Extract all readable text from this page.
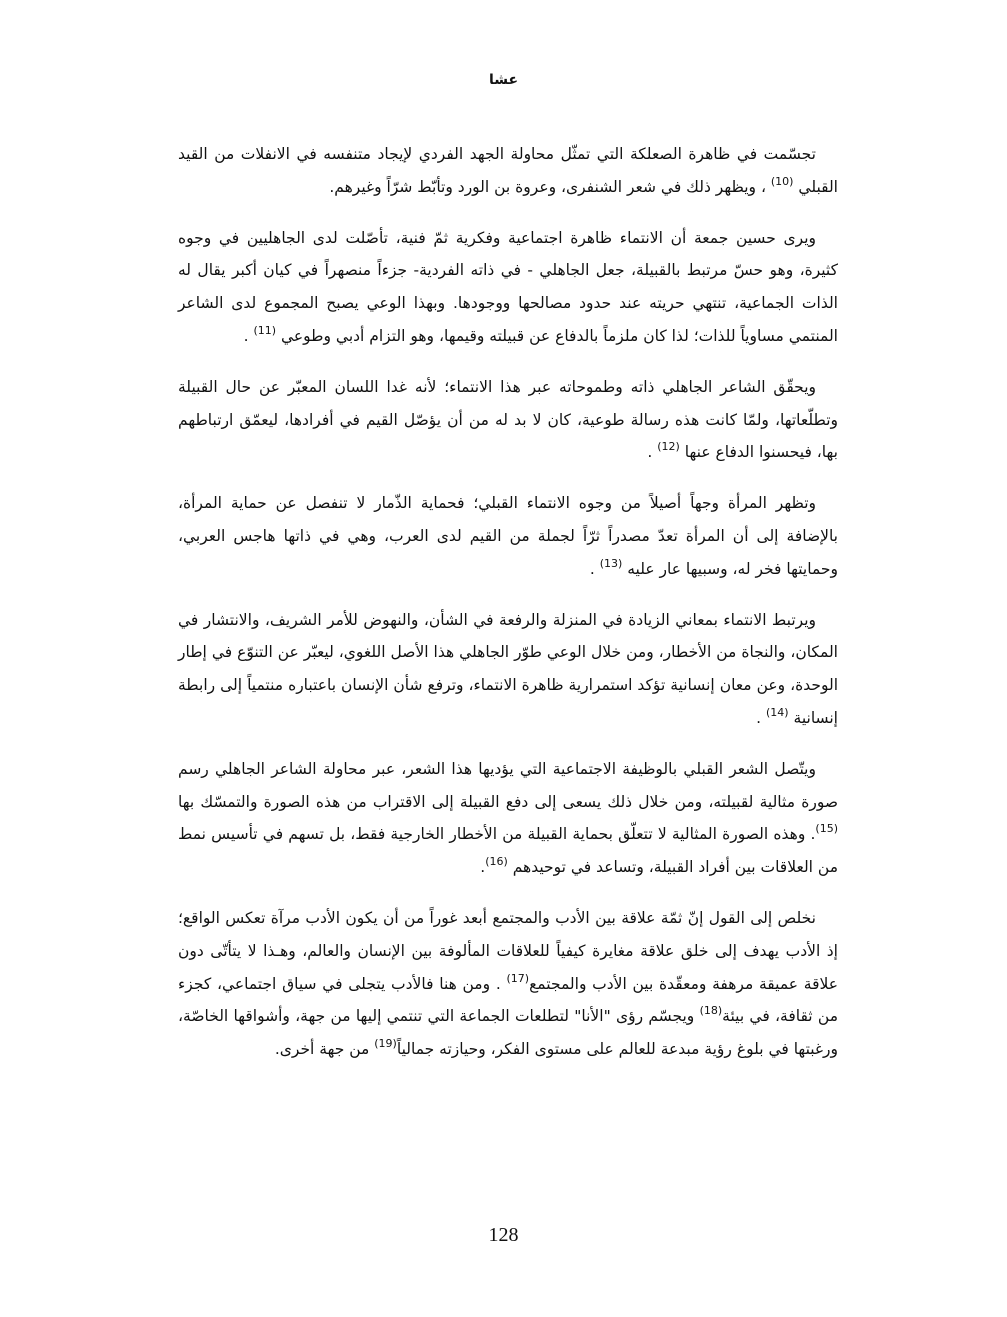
عشا

تجسّمت في ظاهرة الصعلكة التي تمثّل محاولة الجهد الفردي لإيجاد متنفسه في الانفلات من القيد القبلي $^{(10)}$ ، ويظهر ذلك في شعر الشنفرى، وعروة بن الورد وتأبّط شرّاً وغيرهم.

ويرى حسين جمعة أن الانتماء ظاهرة اجتماعية وفكرية ثمّ فنية، تأصّلت لدى الجاهليين في وجوه كثيرة، وهو حسّ مرتبط بالقبيلة، جعل الجاهلي - في ذاته الفردية- جزءاً منصهراً في كيان أكبر يقال له الذات الجماعية، تنتهي حريته عند حدود مصالحها ووجودها. وبهذا الوعي يصبح المجموع لدى الشاعر المنتمي مساوياً للذات؛ لذا كان ملزماً بالدفاع عن قبيلته وقيمها، وهو التزام أدبي وطوعي $^{(11)}$ .

ويحقّق الشاعر الجاهلي ذاته وطموحاته عبر هذا الانتماء؛ لأنه غدا اللسان المعبّر عن حال القبيلة وتطلّعاتها، ولمّا كانت هذه رسالة طوعية، كان لا بد له من أن يؤصّل القيم في أفرادها، ليعمّق ارتباطهم بها، فيحسنوا الدفاع عنها $^{(12)}$ .

وتظهر المرأة وجهاً أصيلاً من وجوه الانتماء القبلي؛ فحماية الذّمار لا تنفصل عن حماية المرأة، بالإضافة إلى أن المرأة تعدّ مصدراً ثرّاً لجملة من القيم لدى العرب، وهي في ذاتها هاجس العربي، وحمايتها فخر له، وسبيها عار عليه $^{(13)}$ .

ويرتبط الانتماء بمعاني الزيادة في المنزلة والرفعة في الشأن، والنهوض للأمر الشريف، والانتشار في المكان، والنجاة من الأخطار، ومن خلال الوعي طوّر الجاهلي هذا الأصل اللغوي، ليعبّر عن التنوّع في إطار الوحدة، وعن معان إنسانية تؤكد استمرارية ظاهرة الانتماء، وترفع شأن الإنسان باعتباره منتمياً إلى رابطة إنسانية $^{(14)}$ .

ويتّصل الشعر القبلي بالوظيفة الاجتماعية التي يؤديها هذا الشعر، عبر محاولة الشاعر الجاهلي رسم صورة مثالية لقبيلته، ومن خلال ذلك يسعى إلى دفع القبيلة إلى الاقتراب من هذه الصورة والتمسّك بها $^{(15)}$. وهذه الصورة المثالية لا تتعلّق بحماية القبيلة من الأخطار الخارجية فقط، بل تسهم في تأسيس نمط من العلاقات بين أفراد القبيلة، وتساعد في توحيدهم $^{(16)}$.

نخلص إلى القول إنّ ثمّة علاقة بين الأدب والمجتمع أبعد غوراً من أن يكون الأدب مرآة تعكس الواقع؛ إذ الأدب يهدف إلى خلق علاقة مغايرة كيفياً للعلاقات المألوفة بين الإنسان والعالم، وهـذا لا يتأتّى دون علاقة عميقة مرهفة ومعقّدة بين الأدب والمجتمع$^{(17)}$ . ومن هنا فالأدب يتجلى في سياق اجتماعي، كجزء من ثقافة، في بيئة$^{(18)}$ ويجسّم رؤى "الأنا" لتطلعات الجماعة التي تنتمي إليها من جهة، وأشواقها الخاصّة، ورغبتها في بلوغ رؤية مبدعة للعالم على مستوى الفكر، وحيازته جمالياً$^{(19)}$ من جهة أخرى.

128
